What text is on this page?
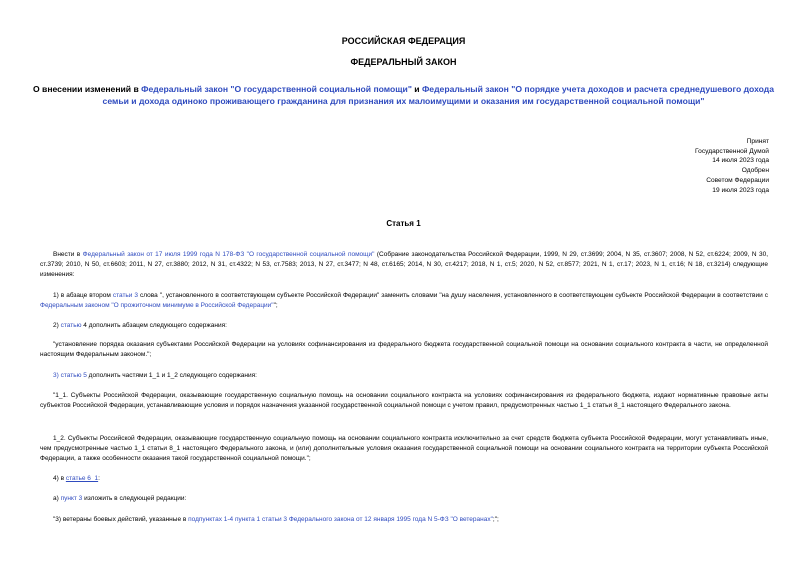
РОССИЙСКАЯ ФЕДЕРАЦИЯ
ФЕДЕРАЛЬНЫЙ ЗАКОН
О внесении изменений в Федеральный закон "О государственной социальной помощи" и Федеральный закон "О порядке учета доходов и расчета среднедушевого дохода семьи и дохода одиноко проживающего гражданина для признания их малоимущими и оказания им государственной социальной помощи"
Принят
Государственной Думой
14 июля 2023 года
Одобрен
Советом Федерации
19 июля 2023 года
Статья 1
Внести в Федеральный закон от 17 июля 1999 года N 178-ФЗ "О государственной социальной помощи" (Собрание законодательства Российской Федерации, 1999, N 29, ст.3699; 2004, N 35, ст.3607; 2008, N 52, ст.6224; 2009, N 30, ст.3739; 2010, N 50, ст.6603; 2011, N 27, ст.3880; 2012, N 31, ст.4322; N 53, ст.7583; 2013, N 27, ст.3477; N 48, ст.6165; 2014, N 30, ст.4217; 2018, N 1, ст.5; 2020, N 52, ст.8577; 2021, N 1, ст.17; 2023, N 1, ст.16; N 18, ст.3214) следующие изменения:
1) в абзаце втором статьи 3 слова ", установленного в соответствующем субъекте Российской Федерации" заменить словами "на душу населения, установленного в соответствующем субъекте Российской Федерации в соответствии с Федеральным законом "О прожиточном минимуме в Российской Федерации"";
2) статью 4 дополнить абзацем следующего содержания:
"установление порядка оказания субъектами Российской Федерации на условиях софинансирования из федерального бюджета государственной социальной помощи на основании социального контракта в части, не определенной настоящим Федеральным законом.";
3) статью 5 дополнить частями 1_1 и 1_2 следующего содержания:
"1_1. Субъекты Российской Федерации, оказывающие государственную социальную помощь на основании социального контракта на условиях софинансирования из федерального бюджета, издают нормативные правовые акты субъектов Российской Федерации, устанавливающие условия и порядок назначения указанной государственной социальной помощи с учетом правил, предусмотренных частью 1_1 статьи 8_1 настоящего Федерального закона.
1_2. Субъекты Российской Федерации, оказывающие государственную социальную помощь на основании социального контракта исключительно за счет средств бюджета субъекта Российской Федерации, могут устанавливать иные, чем предусмотренные частью 1_1 статьи 8_1 настоящего Федерального закона, и (или) дополнительные условия оказания государственной социальной помощи на основании социального контракта на территории субъекта Российской Федерации, а также особенности оказания такой государственной социальной помощи.";
4) в статье 6_1:
а) пункт 3 изложить в следующей редакции:
"3) ветераны боевых действий, указанные в подпунктах 1-4 пункта 1 статьи 3 Федерального закона от 12 января 1995 года N 5-ФЗ "О ветеранах";";
